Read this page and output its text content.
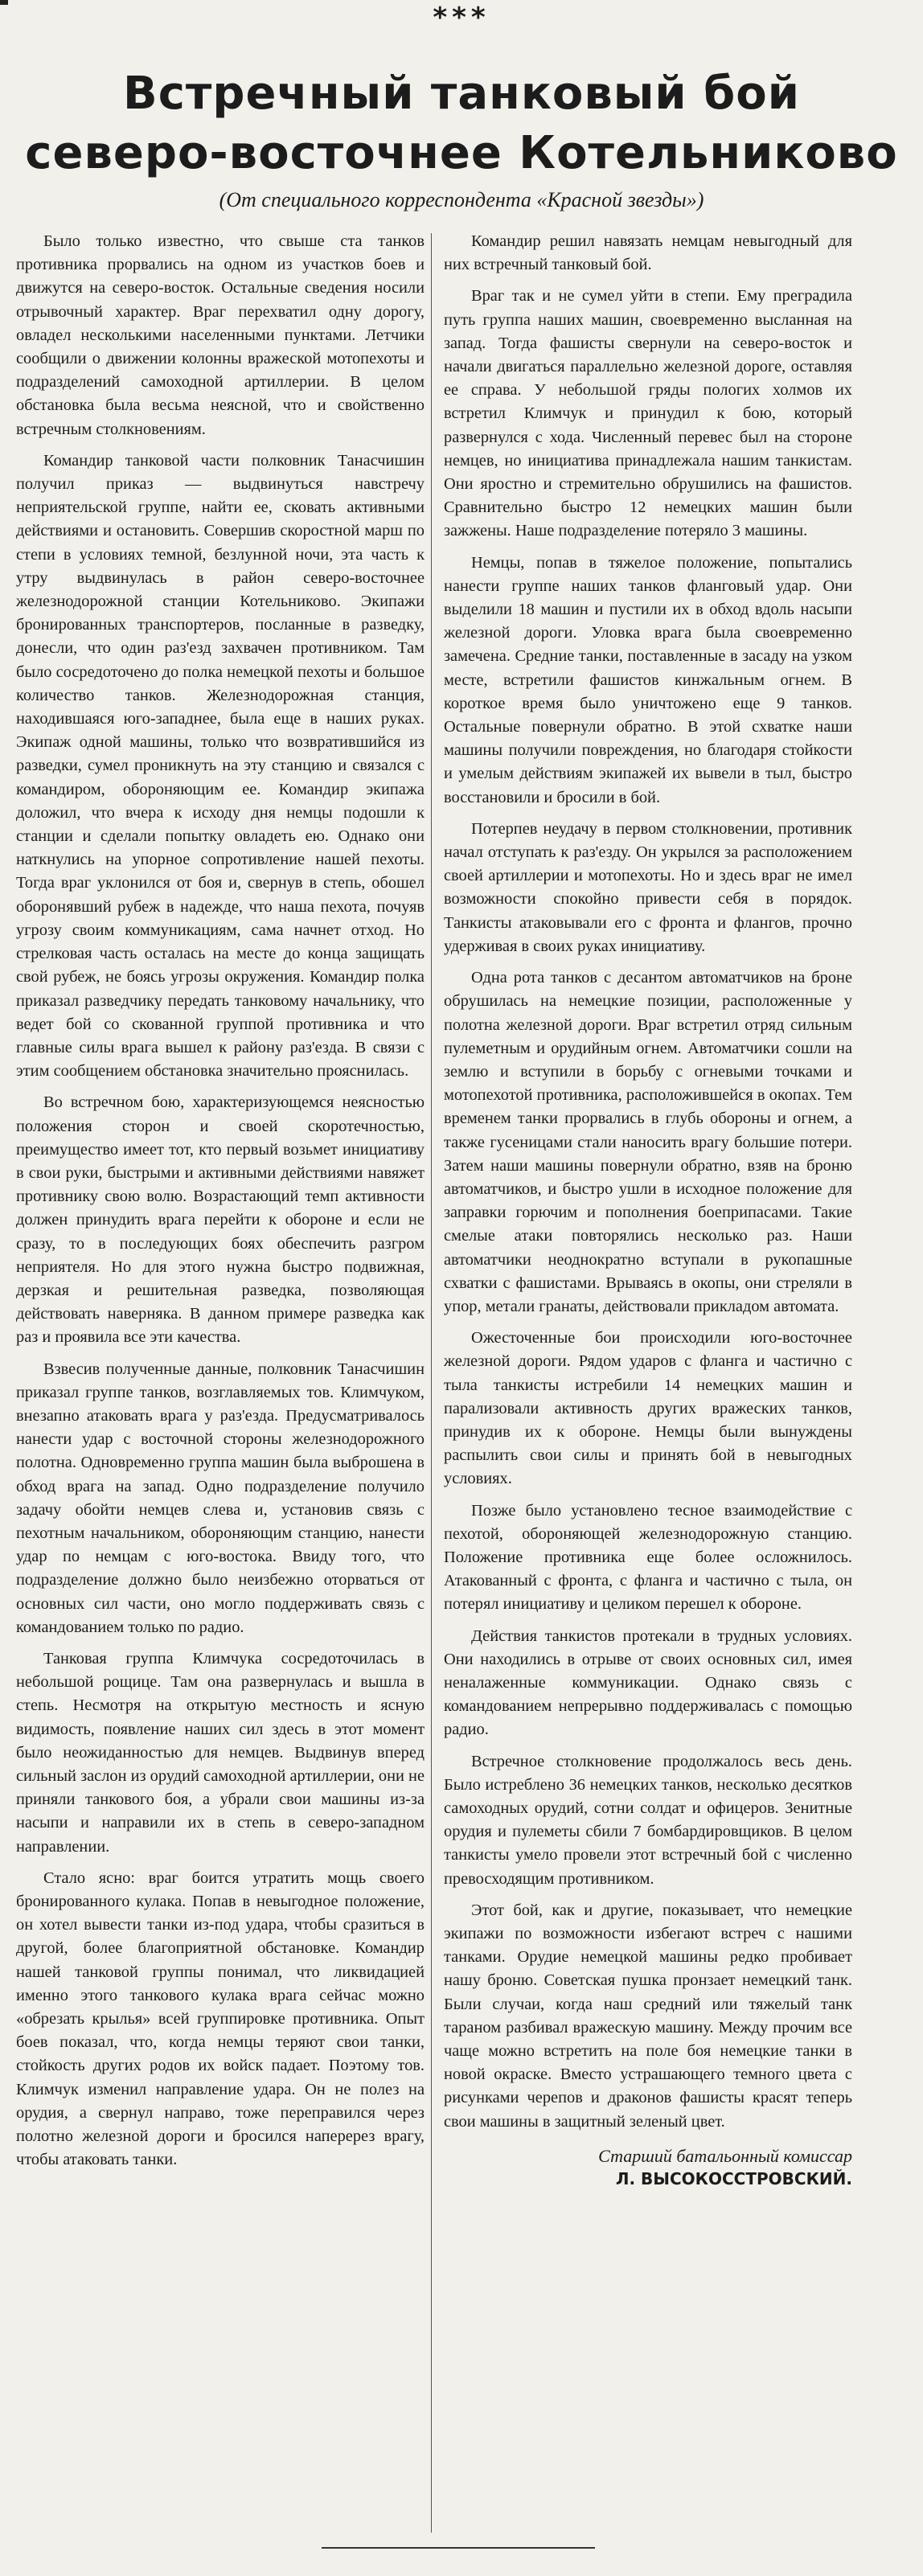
***
Встречный танковый бой
северо-восточнее Котельниково
(От специального корреспондента «Красной звезды»)

Было только известно, что свыше ста танков противника прорвались на одном из участков боев и движутся на северо-восток. Остальные сведения носили отрывочный характер. Враг перехватил одну дорогу, овладел несколькими населенными пунктами. Летчики сообщили о движении колонны вражеской мотопехоты и подразделений самоходной артиллерии. В целом обстановка была весьма неясной, что и свойственно встречным столкновениям.

Командир танковой части полковник Танасчишин получил приказ — выдвинуться навстречу неприятельской группе, найти ее, сковать активными действиями и остановить. Совершив скоростной марш по степи в условиях темной, безлунной ночи, эта часть к утру выдвинулась в район северо-восточнее железнодорожной станции Котельниково. Экипажи бронированных транспортеров, посланные в разведку, донесли, что один раз'езд захвачен противником. Там было сосредоточено до полка немецкой пехоты и большое количество танков. Железнодорожная станция, находившаяся юго-западнее, была еще в наших руках. Экипаж одной машины, только что возвратившийся из разведки, сумел проникнуть на эту станцию и связался с командиром, обороняющим ее. Командир экипажа доложил, что вчера к исходу дня немцы подошли к станции и сделали попытку овладеть ею. Однако они наткнулись на упорное сопротивление нашей пехоты. Тогда враг уклонился от боя и, свернув в степь, обошел оборонявший рубеж в надежде, что наша пехота, почуяв угрозу своим коммуникациям, сама начнет отход. Но стрелковая часть осталась на месте до конца защищать свой рубеж, не боясь угрозы окружения. Командир полка приказал разведчику передать танковому начальнику, что ведет бой со скованной группой противника и что главные силы врага вышел к району раз'езда. В связи с этим сообщением обстановка значительно прояснилась.

Во встречном бою, характеризующемся неясностью положения сторон и своей скоротечностью, преимущество имеет тот, кто первый возьмет инициативу в свои руки, быстрыми и активными действиями навяжет противнику свою волю. Возрастающий темп активности должен принудить врага перейти к обороне и если не сразу, то в последующих боях обеспечить разгром неприятеля. Но для этого нужна быстро подвижная, дерзкая и решительная разведка, позволяющая действовать наверняка. В данном примере разведка как раз и проявила все эти качества.

Взвесив полученные данные, полковник Танасчишин приказал группе танков, возглавляемых тов. Климчуком, внезапно атаковать врага у раз'езда. Предусматривалось нанести удар с восточной стороны железнодорожного полотна. Одновременно группа машин была выброшена в обход врага на запад. Одно подразделение получило задачу обойти немцев слева и, установив связь с пехотным начальником, обороняющим станцию, нанести удар по немцам с юго-востока. Ввиду того, что подразделение должно было неизбежно оторваться от основных сил части, оно могло поддерживать связь с командованием только по радио.

Танковая группа Климчука сосредоточилась в небольшой рощице. Там она развернулась и вышла в степь. Несмотря на открытую местность и ясную видимость, появление наших сил здесь в этот момент было неожиданностью для немцев. Выдвинув вперед сильный заслон из орудий самоходной артиллерии, они не приняли танкового боя, а убрали свои машины из-за насыпи и направили их в степь в северо-западном направлении.

Стало ясно: враг боится утратить мощь своего бронированного кулака. Попав в невыгодное положение, он хотел вывести танки из-под удара, чтобы сразиться в другой, более благоприятной обстановке. Командир нашей танковой группы понимал, что ликвидацией именно этого танкового кулака врага сейчас можно «обрезать крылья» всей группировке противника. Опыт боев показал, что, когда немцы теряют свои танки, стойкость других родов их войск падает. Поэтому тов. Климчук изменил направление удара. Он не полез на орудия, а свернул направо, тоже переправился через полотно железной дороги и бросился наперерез врагу, чтобы атаковать танки.

Командир решил навязать немцам невыгодный для них встречный танковый бой.

Враг так и не сумел уйти в степи. Ему преградила путь группа наших машин, своевременно высланная на запад. Тогда фашисты свернули на северо-восток и начали двигаться параллельно железной дороге, оставляя ее справа. У небольшой гряды пологих холмов их встретил Климчук и принудил к бою, который развернулся с хода. Численный перевес был на стороне немцев, но инициатива принадлежала нашим танкистам. Они яростно и стремительно обрушились на фашистов. Сравнительно быстро 12 немецких машин были зажжены. Наше подразделение потеряло 3 машины.

Немцы, попав в тяжелое положение, попытались нанести группе наших танков фланговый удар. Они выделили 18 машин и пустили их в обход вдоль насыпи железной дороги. Уловка врага была своевременно замечена. Средние танки, поставленные в засаду на узком месте, встретили фашистов кинжальным огнем. В короткое время было уничтожено еще 9 танков. Остальные повернули обратно. В этой схватке наши машины получили повреждения, но благодаря стойкости и умелым действиям экипажей их вывели в тыл, быстро восстановили и бросили в бой.

Потерпев неудачу в первом столкновении, противник начал отступать к раз'езду. Он укрылся за расположением своей артиллерии и мотопехоты. Но и здесь враг не имел возможности спокойно привести себя в порядок. Танкисты атаковывали его с фронта и флангов, прочно удерживая в своих руках инициативу.

Одна рота танков с десантом автоматчиков на броне обрушилась на немецкие позиции, расположенные у полотна железной дороги. Враг встретил отряд сильным пулеметным и орудийным огнем. Автоматчики сошли на землю и вступили в борьбу с огневыми точками и мотопехотой противника, расположившейся в окопах. Тем временем танки прорвались в глубь обороны и огнем, а также гусеницами стали наносить врагу большие потери. Затем наши машины повернули обратно, взяв на броню автоматчиков, и быстро ушли в исходное положение для заправки горючим и пополнения боеприпасами. Такие смелые атаки повторялись несколько раз. Наши автоматчики неоднократно вступали в рукопашные схватки с фашистами. Врываясь в окопы, они стреляли в упор, метали гранаты, действовали прикладом автомата.

Ожесточенные бои происходили юго-восточнее железной дороги. Рядом ударов с фланга и частично с тыла танкисты истребили 14 немецких машин и парализовали активность других вражеских танков, принудив их к обороне. Немцы были вынуждены распылить свои силы и принять бой в невыгодных условиях.

Позже было установлено тесное взаимодействие с пехотой, обороняющей железнодорожную станцию. Положение противника еще более осложнилось. Атакованный с фронта, с фланга и частично с тыла, он потерял инициативу и целиком перешел к обороне.

Действия танкистов протекали в трудных условиях. Они находились в отрыве от своих основных сил, имея неналаженные коммуникации. Однако связь с командованием непрерывно поддерживалась с помощью радио.

Встречное столкновение продолжалось весь день. Было истреблено 36 немецких танков, несколько десятков самоходных орудий, сотни солдат и офицеров. Зенитные орудия и пулеметы сбили 7 бомбардировщиков. В целом танкисты умело провели этот встречный бой с численно превосходящим противником.

Этот бой, как и другие, показывает, что немецкие экипажи по возможности избегают встреч с нашими танками. Орудие немецкой машины редко пробивает нашу броню. Советская пушка пронзает немецкий танк. Были случаи, когда наш средний или тяжелый танк тараном разбивал вражескую машину. Между прочим все чаще можно встретить на поле боя немецкие танки в новой окраске. Вместо устрашающего темного цвета с рисунками черепов и драконов фашисты красят теперь свои машины в защитный зеленый цвет.

Старший батальонный комиссар
Л. ВЫСОКОССТРОВСКИЙ.
